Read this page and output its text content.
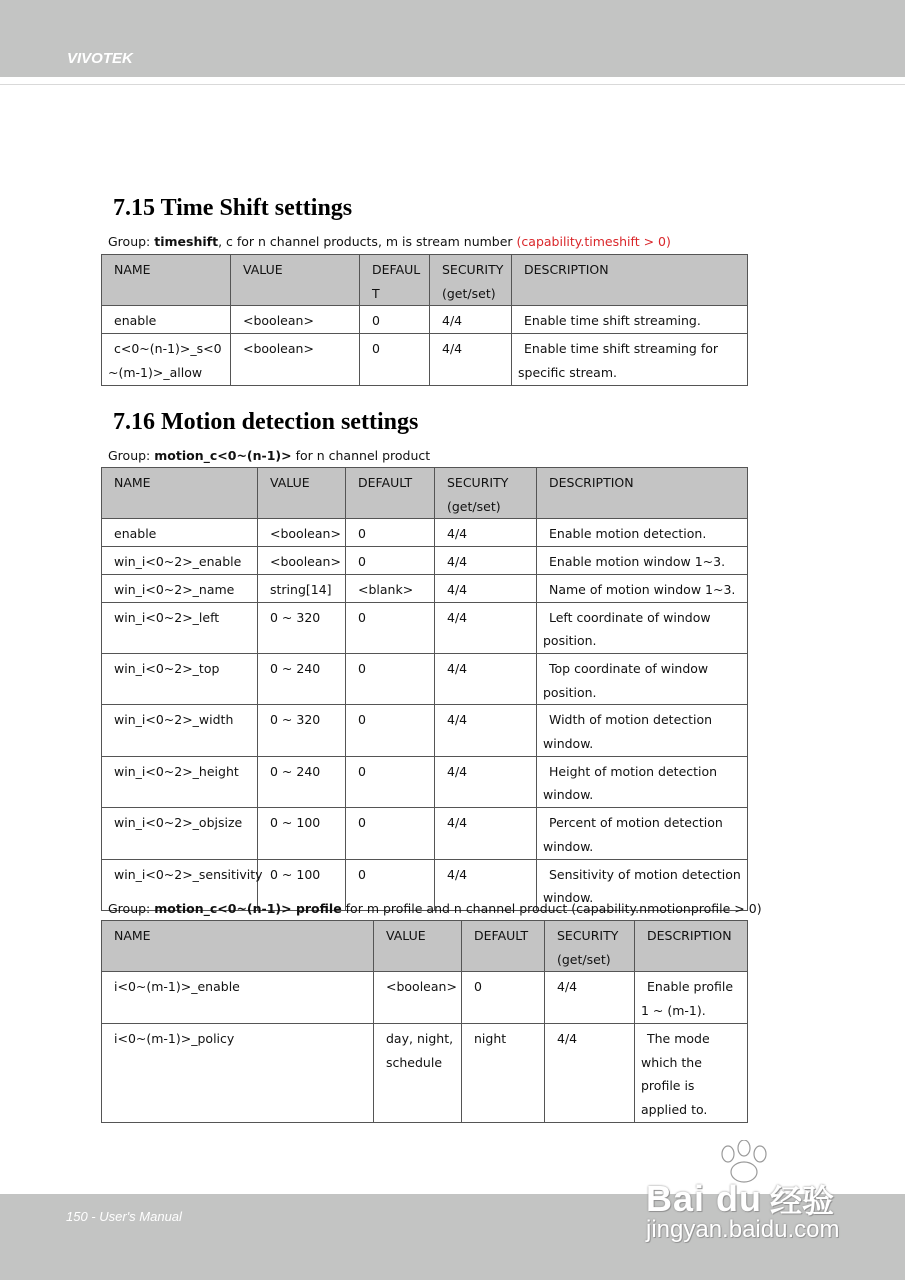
VIVOTEK
7.15 Time Shift settings
Group: timeshift, c for n channel products, m is stream number (capability.timeshift > 0)
NAME	VALUE	DEFAUL T	SECURITY (get/set)	DESCRIPTION
enable	<boolean>	0	4/4	Enable time shift streaming.
c<0~(n-1)>_s<0 ~(m-1)>_allow	<boolean>	0	4/4	Enable time shift streaming for specific stream.
7.16 Motion detection settings
Group: motion_c<0~(n-1)> for n channel product
NAME	VALUE	DEFAULT	SECURITY (get/set)	DESCRIPTION
enable	<boolean>	0	4/4	Enable motion detection.
win_i<0~2>_enable	<boolean>	0	4/4	Enable motion window 1~3.
win_i<0~2>_name	string[14]	<blank>	4/4	Name of motion window 1~3.
win_i<0~2>_left	0 ~ 320	0	4/4	Left coordinate of window position.
win_i<0~2>_top	0 ~ 240	0	4/4	Top coordinate of window position.
win_i<0~2>_width	0 ~ 320	0	4/4	Width of motion detection window.
win_i<0~2>_height	0 ~ 240	0	4/4	Height of motion detection window.
win_i<0~2>_objsize	0 ~ 100	0	4/4	Percent of motion detection window.
win_i<0~2>_sensitivity	0 ~ 100	0	4/4	Sensitivity of motion detection window.
Group: motion_c<0~(n-1)> profile for m profile and n channel product (capability.nmotionprofile > 0)
NAME	VALUE	DEFAULT	SECURITY (get/set)	DESCRIPTION
i<0~(m-1)>_enable	<boolean>	0	4/4	Enable profile 1 ~ (m-1).
i<0~(m-1)>_policy	day, night, schedule	night	4/4	The mode which the profile is applied to.
150 - User's Manual	Bai du 经验
jingyan.baidu.com
